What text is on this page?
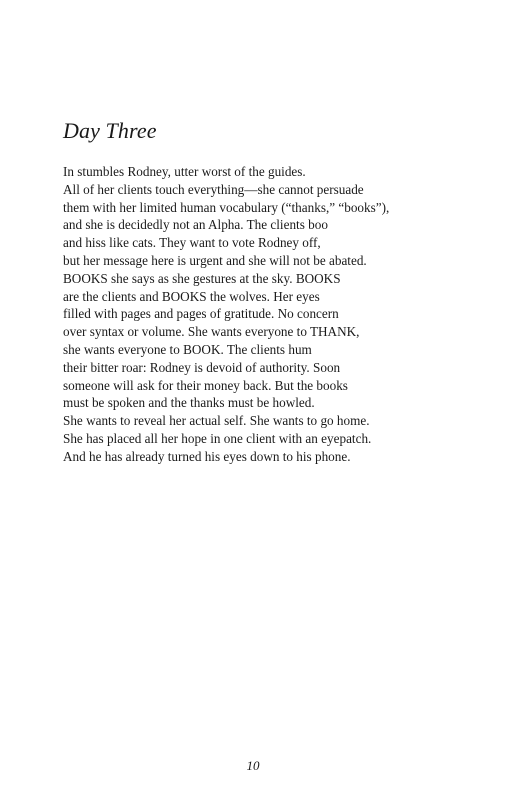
Day Three
In stumbles Rodney, utter worst of the guides.
All of her clients touch everything—she cannot persuade
them with her limited human vocabulary (“thanks,” “books”),
and she is decidedly not an Alpha. The clients boo
and hiss like cats. They want to vote Rodney off,
but her message here is urgent and she will not be abated.
BOOKS she says as she gestures at the sky. BOOKS
are the clients and BOOKS the wolves. Her eyes
filled with pages and pages of gratitude. No concern
over syntax or volume. She wants everyone to THANK,
she wants everyone to BOOK. The clients hum
their bitter roar: Rodney is devoid of authority. Soon
someone will ask for their money back. But the books
must be spoken and the thanks must be howled.
She wants to reveal her actual self. She wants to go home.
She has placed all her hope in one client with an eyepatch.
And he has already turned his eyes down to his phone.
10
